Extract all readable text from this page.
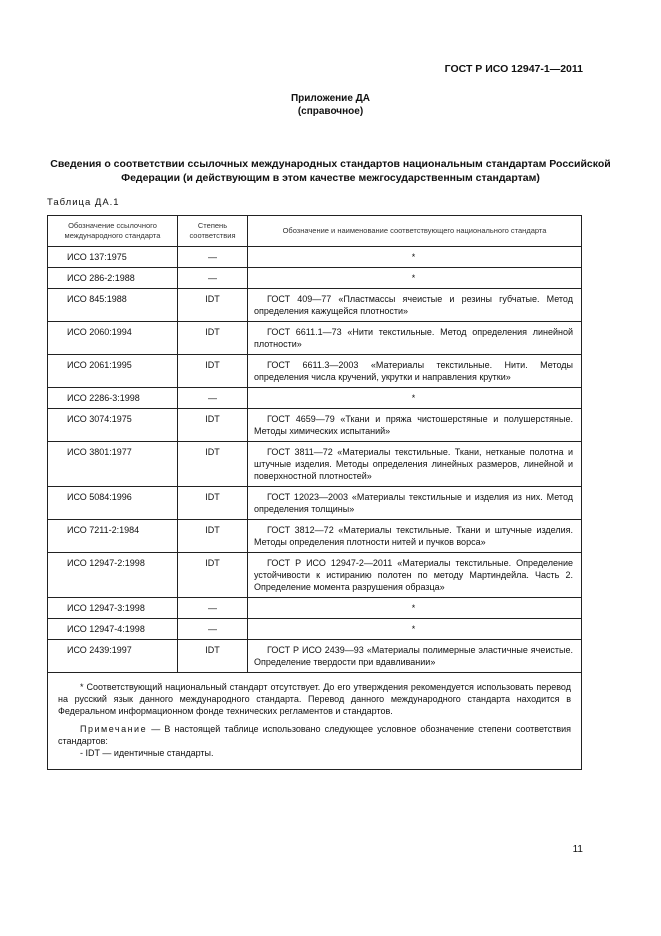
ГОСТ Р ИСО 12947-1—2011
Приложение ДА
(справочное)
Сведения о соответствии ссылочных международных стандартов национальным стандартам Российской Федерации (и действующим в этом качестве межгосударственным стандартам)
Таблица ДА.1
Обозначение ссылочного международного стандарта	Степень соответствия	Обозначение и наименование соответствующего национального стандарта
ИСО 137:1975	—	*
ИСО 286-2:1988	—	*
ИСО 845:1988	IDT	ГОСТ 409—77 «Пластмассы ячеистые и резины губчатые. Метод определения кажущейся плотности»
ИСО 2060:1994	IDT	ГОСТ 6611.1—73 «Нити текстильные. Метод определения линейной плотности»
ИСО 2061:1995	IDT	ГОСТ 6611.3—2003 «Материалы текстильные. Нити. Методы определения числа кручений, укрутки и направления крутки»
ИСО 2286-3:1998	—	*
ИСО 3074:1975	IDT	ГОСТ 4659—79 «Ткани и пряжа чистошерстяные и полушерстяные. Методы химических испытаний»
ИСО 3801:1977	IDT	ГОСТ 3811—72 «Материалы текстильные. Ткани, нетканые полотна и штучные изделия. Методы определения линейных размеров, линейной и поверхностной плотностей»
ИСО 5084:1996	IDT	ГОСТ 12023—2003 «Материалы текстильные и изделия из них. Метод определения толщины»
ИСО 7211-2:1984	IDT	ГОСТ 3812—72 «Материалы текстильные. Ткани и штучные изделия. Методы определения плотности нитей и пучков ворса»
ИСО 12947-2:1998	IDT	ГОСТ Р ИСО 12947-2—2011 «Материалы текстильные. Определение устойчивости к истиранию полотен по методу Мартиндейла. Часть 2. Определение момента разрушения образца»
ИСО 12947-3:1998	—	*
ИСО 12947-4:1998	—	*
ИСО 2439:1997	IDT	ГОСТ Р ИСО 2439—93 «Материалы полимерные эластичные ячеистые. Определение твердости при вдавливании»

* Соответствующий национальный стандарт отсутствует. До его утверждения рекомендуется использовать перевод на русский язык данного международного стандарта. Перевод данного международного стандарта находится в Федеральном информационном фонде технических регламентов и стандартов.

Примечание — В настоящей таблице использовано следующее условное обозначение степени соответствия стандартов:

- IDT — идентичные стандарты.		

11
